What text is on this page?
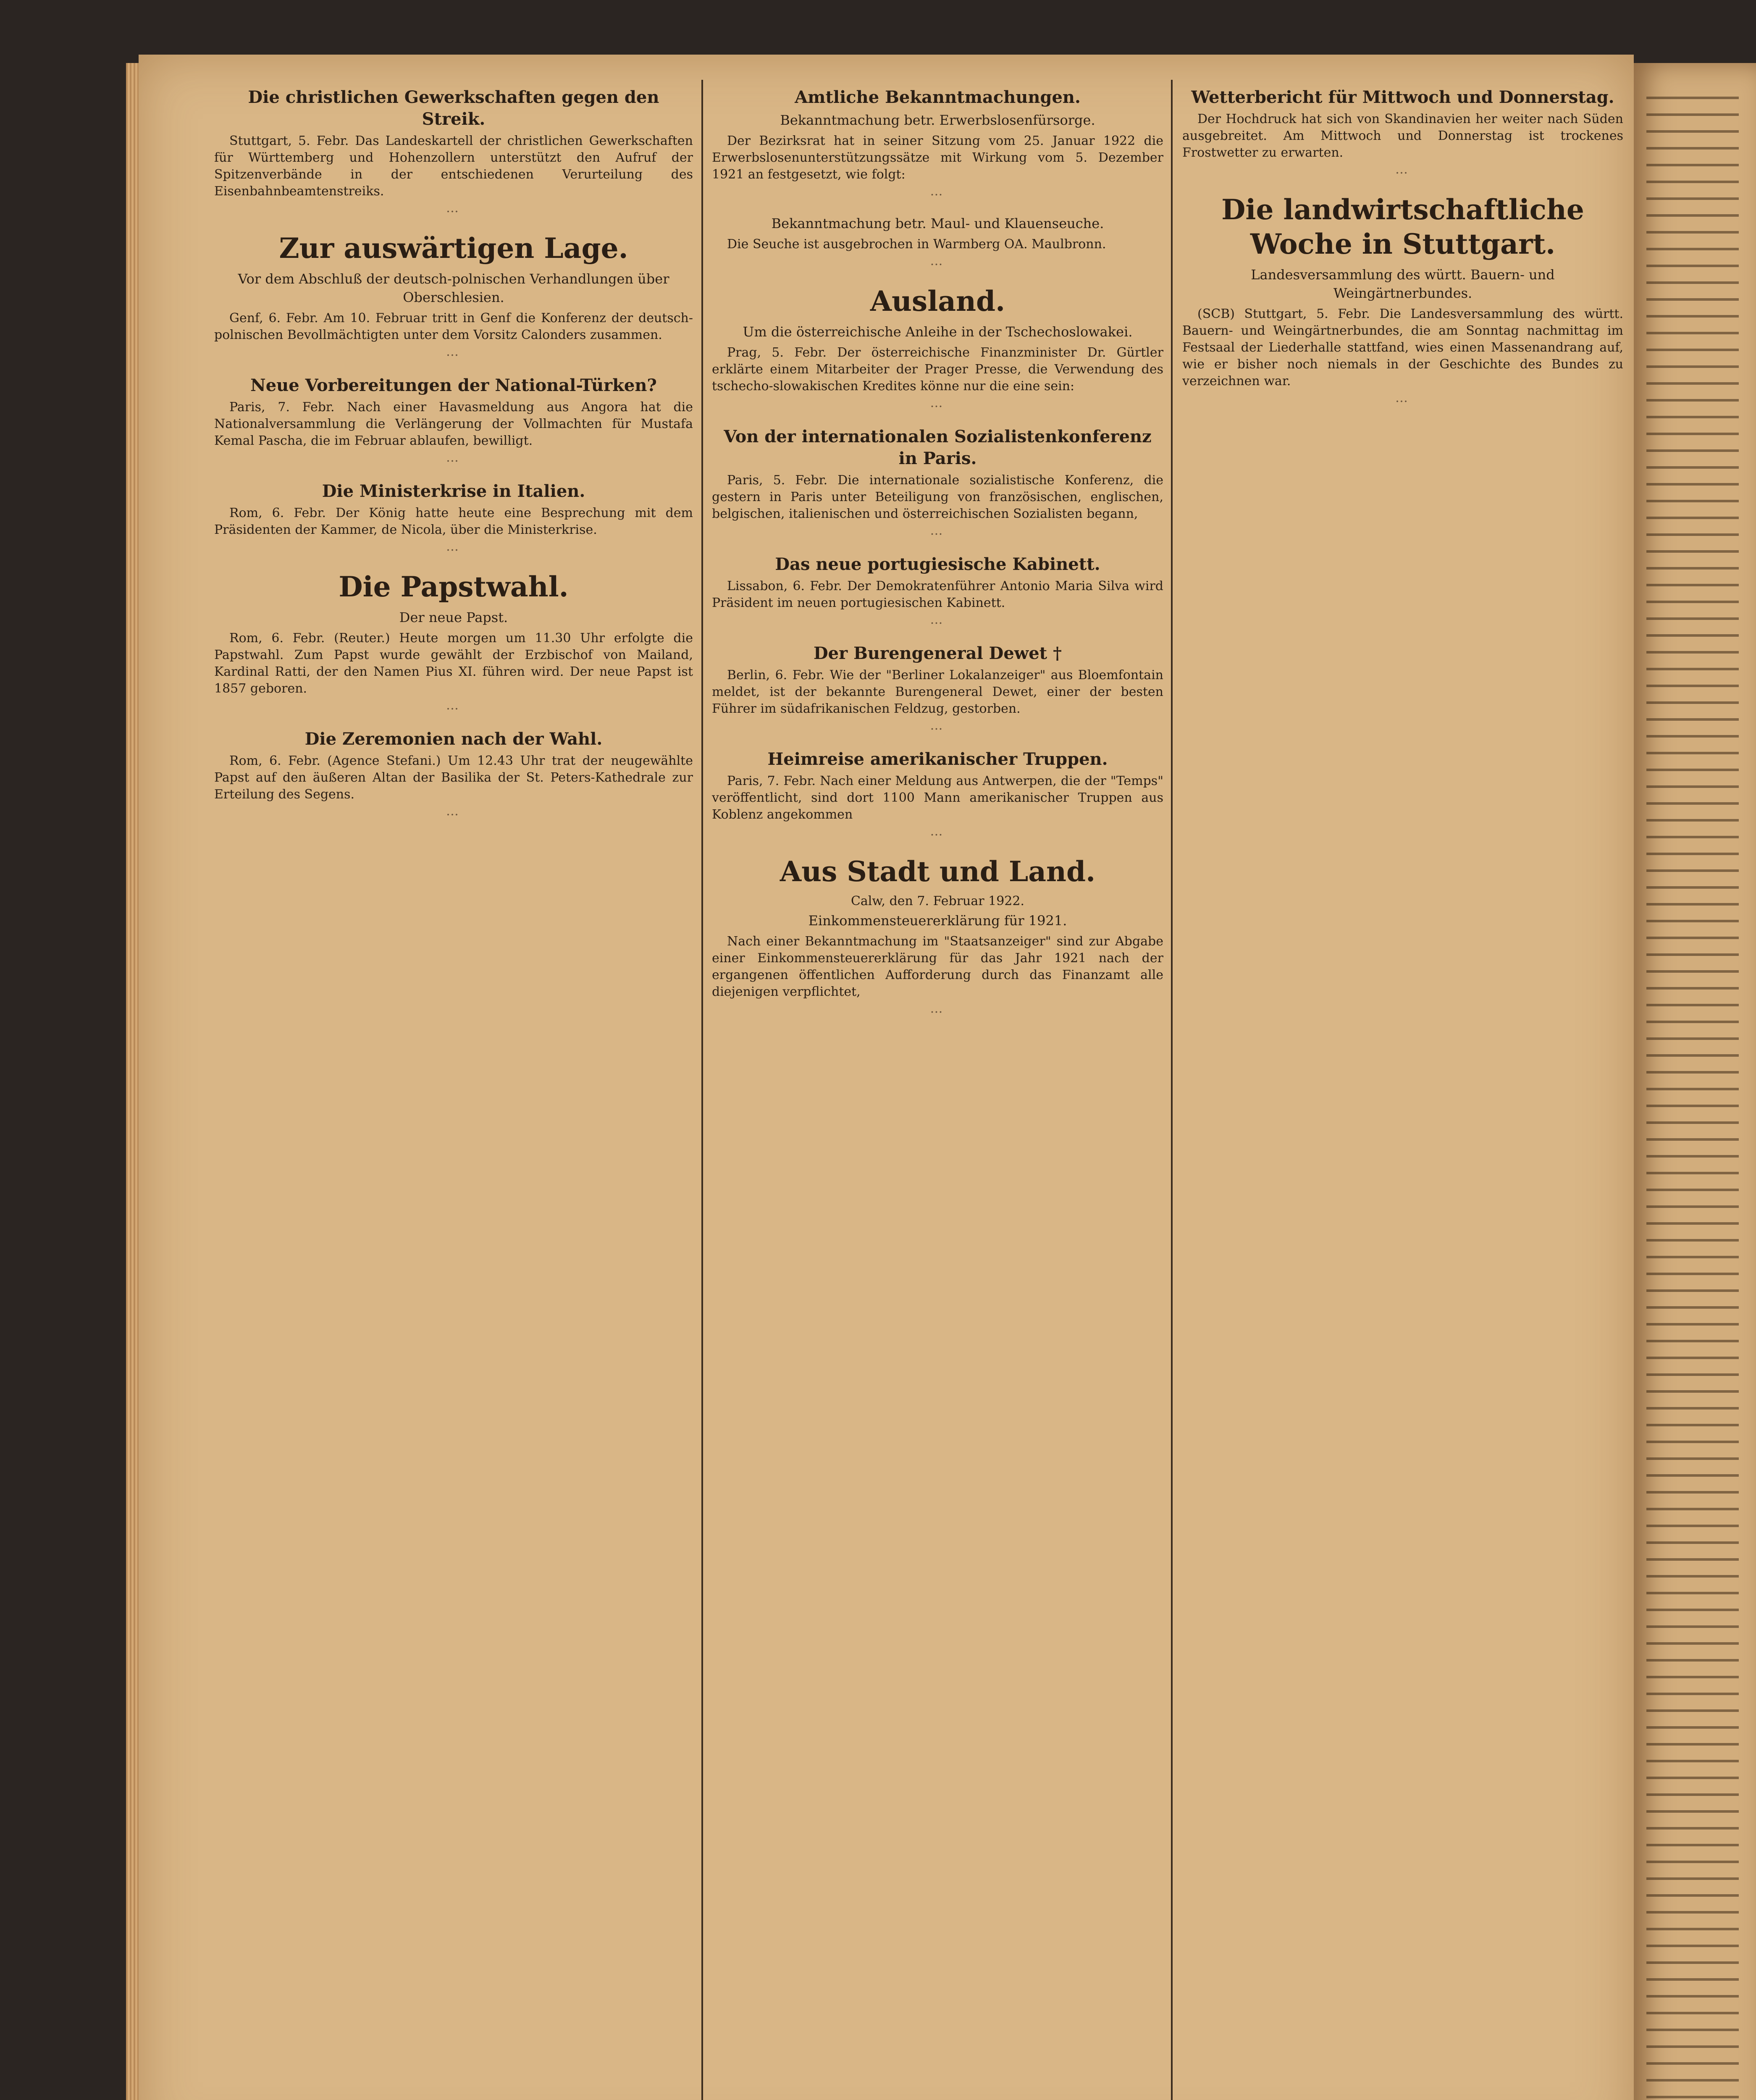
Die christlichen Gewerkschaften gegen den Streik.

Stuttgart, 5. Febr. Das Landeskartell der christlichen Gewerkschaften für Württemberg und Hohenzollern unterstützt den Aufruf der Spitzenverbände in der entschiedenen Verurteilung des Eisenbahnbeamtenstreiks.

…

Zur auswärtigen Lage.
Vor dem Abschluß der deutsch-polnischen Verhandlungen über Oberschlesien.

Genf, 6. Febr. Am 10. Februar tritt in Genf die Konferenz der deutsch-polnischen Bevollmächtigten unter dem Vorsitz Calonders zusammen.

…

Neue Vorbereitungen der National-Türken?

Paris, 7. Febr. Nach einer Havasmeldung aus Angora hat die Nationalversammlung die Verlängerung der Vollmachten für Mustafa Kemal Pascha, die im Februar ablaufen, bewilligt.

…

Die Ministerkrise in Italien.

Rom, 6. Febr. Der König hatte heute eine Besprechung mit dem Präsidenten der Kammer, de Nicola, über die Ministerkrise.

…

Die Papstwahl.
Der neue Papst.

Rom, 6. Febr. (Reuter.) Heute morgen um 11.30 Uhr erfolgte die Papstwahl. Zum Papst wurde gewählt der Erzbischof von Mailand, Kardinal Ratti, der den Namen Pius XI. führen wird. Der neue Papst ist 1857 geboren.

…

Die Zeremonien nach der Wahl.

Rom, 6. Febr. (Agence Stefani.) Um 12.43 Uhr trat der neugewählte Papst auf den äußeren Altan der Basilika der St. Peters-Kathedrale zur Erteilung des Segens.

…

Amtliche Bekanntmachungen.
Bekanntmachung betr. Erwerbslosenfürsorge.

Der Bezirksrat hat in seiner Sitzung vom 25. Januar 1922 die Erwerbslosenunterstützungssätze mit Wirkung vom 5. Dezember 1921 an festgesetzt, wie folgt:

…

Bekanntmachung betr. Maul- und Klauenseuche.

Die Seuche ist ausgebrochen in Warmberg OA. Maulbronn.

…

Ausland.
Um die österreichische Anleihe in der Tschechoslowakei.

Prag, 5. Febr. Der österreichische Finanzminister Dr. Gürtler erklärte einem Mitarbeiter der Prager Presse, die Verwendung des tschecho-slowakischen Kredites könne nur die eine sein:

…

Von der internationalen Sozialistenkonferenz in Paris.

Paris, 5. Febr. Die internationale sozialistische Konferenz, die gestern in Paris unter Beteiligung von französischen, englischen, belgischen, italienischen und österreichischen Sozialisten begann,

…

Das neue portugiesische Kabinett.

Lissabon, 6. Febr. Der Demokratenführer Antonio Maria Silva wird Präsident im neuen portugiesischen Kabinett.

…

Der Burengeneral Dewet †

Berlin, 6. Febr. Wie der "Berliner Lokalanzeiger" aus Bloemfontain meldet, ist der bekannte Burengeneral Dewet, einer der besten Führer im südafrikanischen Feldzug, gestorben.

…

Heimreise amerikanischer Truppen.

Paris, 7. Febr. Nach einer Meldung aus Antwerpen, die der "Temps" veröffentlicht, sind dort 1100 Mann amerikanischer Truppen aus Koblenz angekommen

…

Aus Stadt und Land.
Calw, den 7. Februar 1922.
Einkommensteuererklärung für 1921.

Nach einer Bekanntmachung im "Staatsanzeiger" sind zur Abgabe einer Einkommensteuererklärung für das Jahr 1921 nach der ergangenen öffentlichen Aufforderung durch das Finanzamt alle diejenigen verpflichtet,

…

Wetterbericht für Mittwoch und Donnerstag.

Der Hochdruck hat sich von Skandinavien her weiter nach Süden ausgebreitet. Am Mittwoch und Donnerstag ist trockenes Frostwetter zu erwarten.

…

Die landwirtschaftliche Woche in Stuttgart.
Landesversammlung des württ. Bauern- und Weingärtnerbundes.

(SCB) Stuttgart, 5. Febr. Die Landesversammlung des württ. Bauern- und Weingärtnerbundes, die am Sonntag nachmittag im Festsaal der Liederhalle stattfand, wies einen Massenandrang auf, wie er bisher noch niemals in der Geschichte des Bundes zu verzeichnen war.

…
